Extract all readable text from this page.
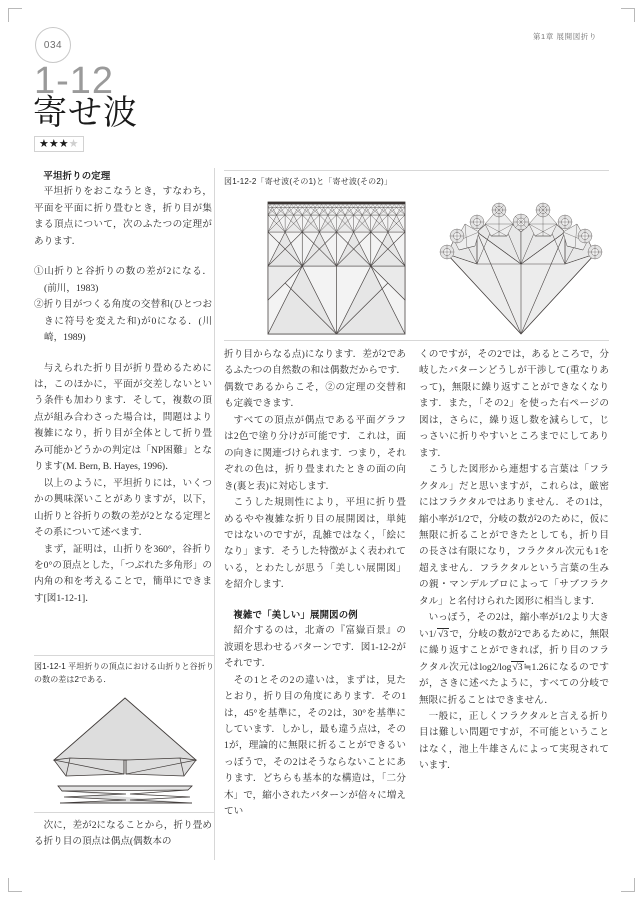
第1章 展開図折り
034
1-12
寄せ波
★★★★
図1-12-2「寄せ波(その1)と「寄せ波(その2)」

平坦折りの定理

平坦折りをおこなうとき，すなわち，平面を平面に折り畳むとき，折り目が集まる頂点について，次のふたつの定理があります．

①山折りと谷折りの数の差が2になる．(前川，1983)
②折り目がつくる角度の交替和(ひとつおきに符号を変えた和)が0になる．(川崎，1989)

与えられた折り目が折り畳めるためには，このほかに，平面が交差しないという条件も加わります．そして，複数の頂点が組み合わさった場合は，問題はより複雑になり，折り目が全体として折り畳み可能かどうかの判定は「NP困難」となります(M. Bern, B. Hayes, 1996)．

以上のように，平坦折りには，いくつかの興味深いことがありますが，以下，山折りと谷折りの数の差が2となる定理とその系について述べます．

まず，証明は，山折りを360°，谷折りを0°の頂点とした，「つぶれた多角形」の内角の和を考えることで，簡単にできます[図1-12-1]．

図1-12-1 平坦折りの頂点における山折りと谷折りの数の差は2である．

次に，差が2になることから，折り畳める折り目の頂点は偶点(偶数本の

折り目からなる点)になります．差が2であるふたつの自然数の和は偶数だからです．偶数であるからこそ，②の定理の交替和も定義できます．

すべての頂点が偶点である平面グラフは2色で塗り分けが可能です．これは，面の向きに関連づけられます．つまり，それぞれの色は，折り畳まれたときの面の向き(裏と表)に対応します．

こうした規則性により，平坦に折り畳めるやや複雑な折り目の展開図は，単純ではないのですが，乱雑ではなく，「絵になり」ます．そうした特徴がよく表われている，とわたしが思う「美しい展開図」を紹介します．

複雑で「美しい」展開図の例

紹介するのは，北斎の『富嶽百景』の波頭を思わせるパターンです．図1-12-2がそれです．

その1とその2の違いは，まずは，見たとおり，折り目の角度にあります．その1は，45°を基準に，その2は，30°を基準にしています．しかし，最も違う点は，その1が，理論的に無限に折ることができるいっぽうで，その2はそうならないことにあります．どちらも基本的な構造は，「二分木」で，縮小されたパターンが倍々に増えてい

くのですが，その2では，あるところで，分岐したパターンどうしが干渉して(重なりあって)，無限に繰り返すことができなくなります．また，「その2」を使った右ページの図は，さらに，繰り返し数を減らして，じっさいに折りやすいところまでにしてあります．

こうした図形から連想する言葉は「フラクタル」だと思いますが，これらは，厳密にはフラクタルではありません．その1は，縮小率が1/2で，分岐の数が2のために，仮に無限に折ることができたとしても，折り目の長さは有限になり，フラクタル次元も1を超えません．フラクタルという言葉の生みの親・マンデルブロによって「サブフラクタル」と名付けられた図形に相当します．

いっぽう，その2は，縮小率が1/2より大きい1/ √3で，分岐の数が2であるために，無限に繰り返すことができれば，折り目のフラクタル次元はlog2/log√3≒1.26になるのですが，さきに述べたように，すべての分岐で無限に折ることはできません．

一般に，正しくフラクタルと言える折り目は難しい問題ですが，不可能ということはなく，池上牛雄さんによって実現されています．
